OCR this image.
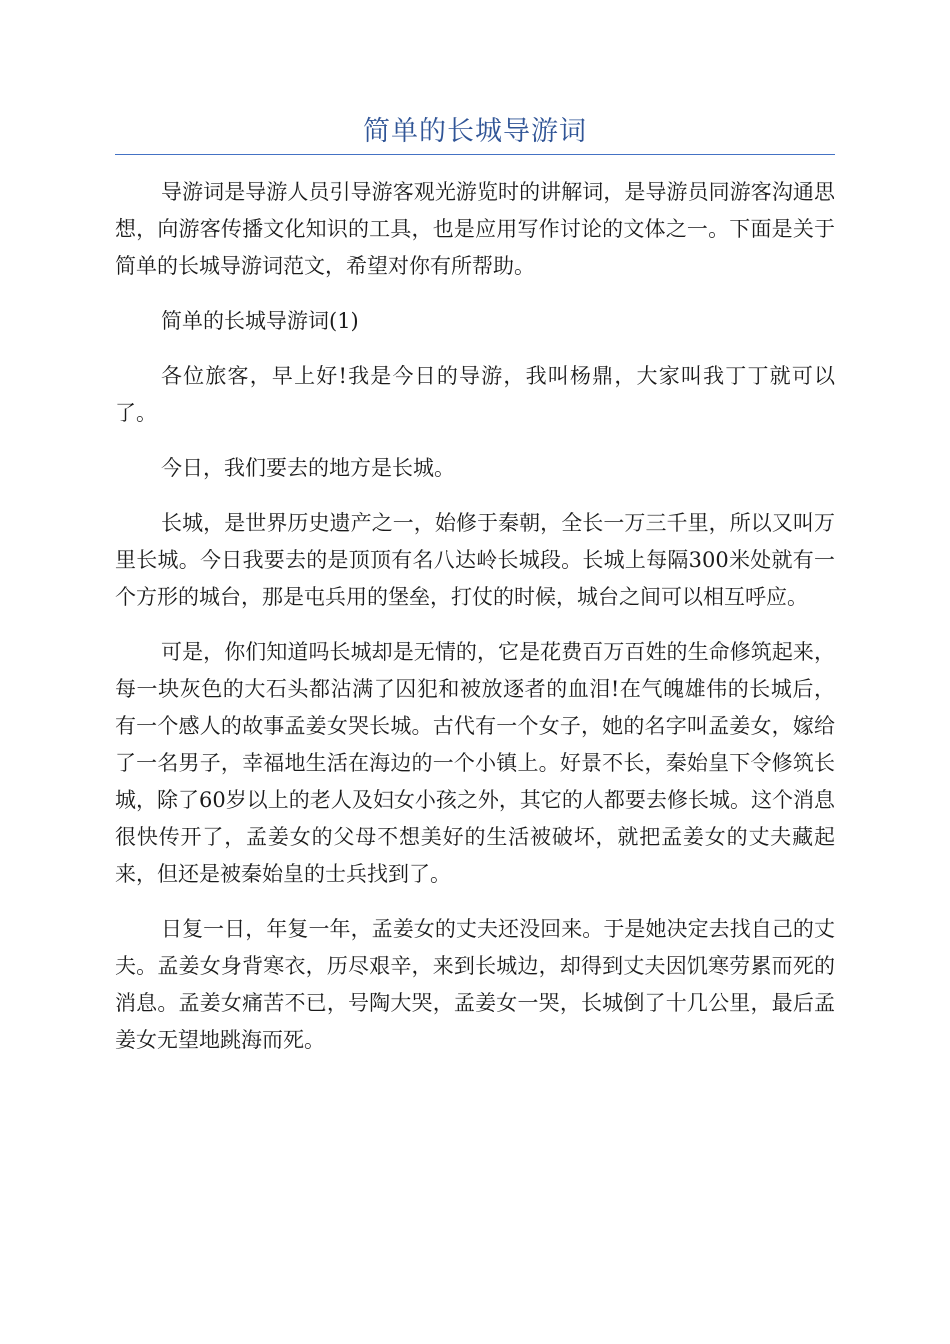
简单的长城导游词

导游词是导游人员引导游客观光游览时的讲解词，是导游员同游客沟通思想，向游客传播文化知识的工具，也是应用写作讨论的文体之一。下面是关于简单的长城导游词范文，希望对你有所帮助。

简单的长城导游词(1)

各位旅客，早上好!我是今日的导游，我叫杨鼎，大家叫我丁丁就可以了。

今日，我们要去的地方是长城。

长城，是世界历史遗产之一，始修于秦朝，全长一万三千里，所以又叫万里长城。今日我要去的是顶顶有名八达岭长城段。长城上每隔300米处就有一个方形的城台，那是屯兵用的堡垒，打仗的时候，城台之间可以相互呼应。

可是，你们知道吗长城却是无情的，它是花费百万百姓的生命修筑起来，每一块灰色的大石头都沾满了囚犯和被放逐者的血泪!在气魄雄伟的长城后，有一个感人的故事孟姜女哭长城。古代有一个女子，她的名字叫孟姜女，嫁给了一名男子，幸福地生活在海边的一个小镇上。好景不长，秦始皇下令修筑长城，除了60岁以上的老人及妇女小孩之外，其它的人都要去修长城。这个消息很快传开了，孟姜女的父母不想美好的生活被破坏，就把孟姜女的丈夫藏起来，但还是被秦始皇的士兵找到了。

日复一日，年复一年，孟姜女的丈夫还没回来。于是她决定去找自己的丈夫。孟姜女身背寒衣，历尽艰辛，来到长城边，却得到丈夫因饥寒劳累而死的消息。孟姜女痛苦不已，号陶大哭，孟姜女一哭，长城倒了十几公里，最后孟姜女无望地跳海而死。
